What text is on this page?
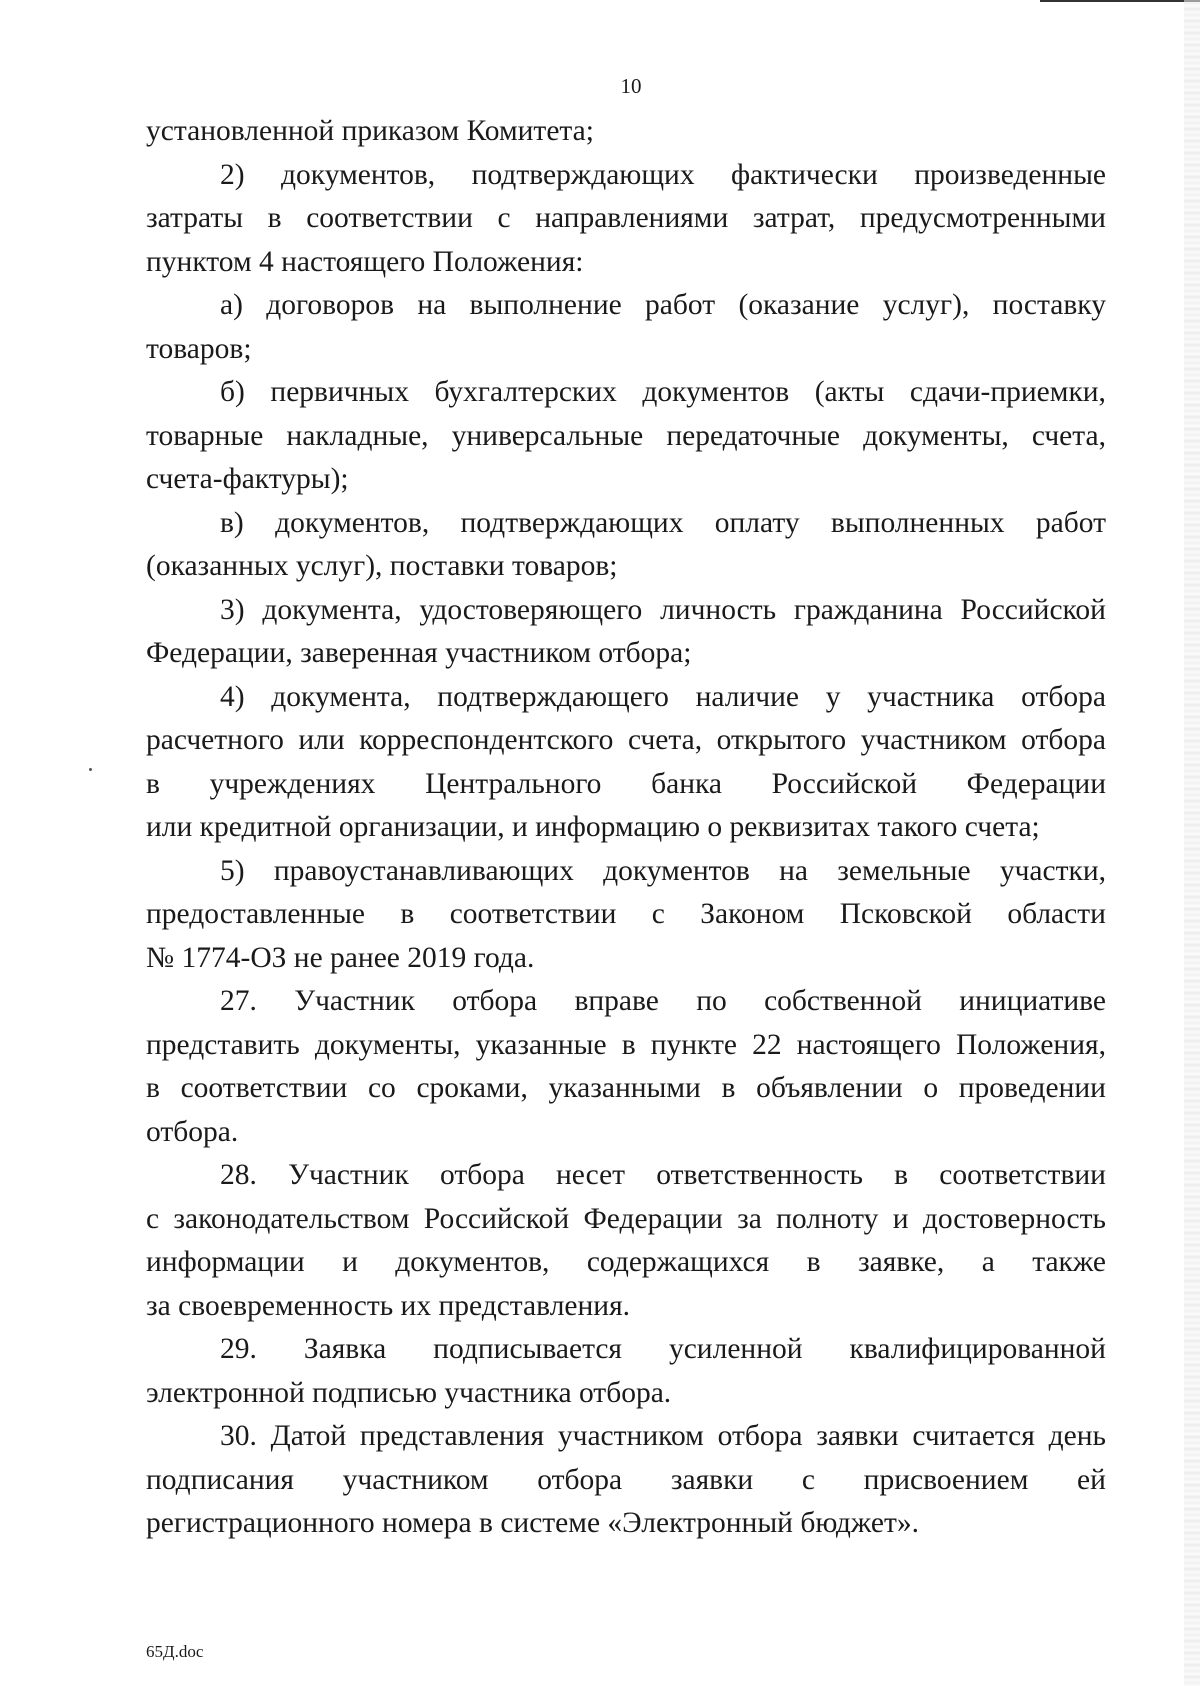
10
установленной приказом Комитета;
2) документов, подтверждающих фактически произведенные
затраты в соответствии с направлениями затрат, предусмотренными
пунктом 4 настоящего Положения:
а) договоров на выполнение работ (оказание услуг), поставку
товаров;
б) первичных бухгалтерских документов (акты сдачи-приемки,
товарные накладные, универсальные передаточные документы, счета,
счета-фактуры);
в) документов, подтверждающих оплату выполненных работ
(оказанных услуг), поставки товаров;
3) документа, удостоверяющего личность гражданина Российской
Федерации, заверенная участником отбора;
4) документа, подтверждающего наличие у участника отбора
расчетного или корреспондентского счета, открытого участником отбора
в учреждениях Центрального банка Российской Федерации
или кредитной организации, и информацию о реквизитах такого счета;
5) правоустанавливающих документов на земельные участки,
предоставленные в соответствии с Законом Псковской области
№ 1774-ОЗ не ранее 2019 года.
27. Участник отбора вправе по собственной инициативе
представить документы, указанные в пункте 22 настоящего Положения,
в соответствии со сроками, указанными в объявлении о проведении
отбора.
28. Участник отбора несет ответственность в соответствии
с законодательством Российской Федерации за полноту и достоверность
информации и документов, содержащихся в заявке, а также
за своевременность их представления.
29. Заявка подписывается усиленной квалифицированной
электронной подписью участника отбора.
30. Датой представления участником отбора заявки считается день
подписания участником отбора заявки с присвоением ей
регистрационного номера в системе «Электронный бюджет».
65Д.doc
